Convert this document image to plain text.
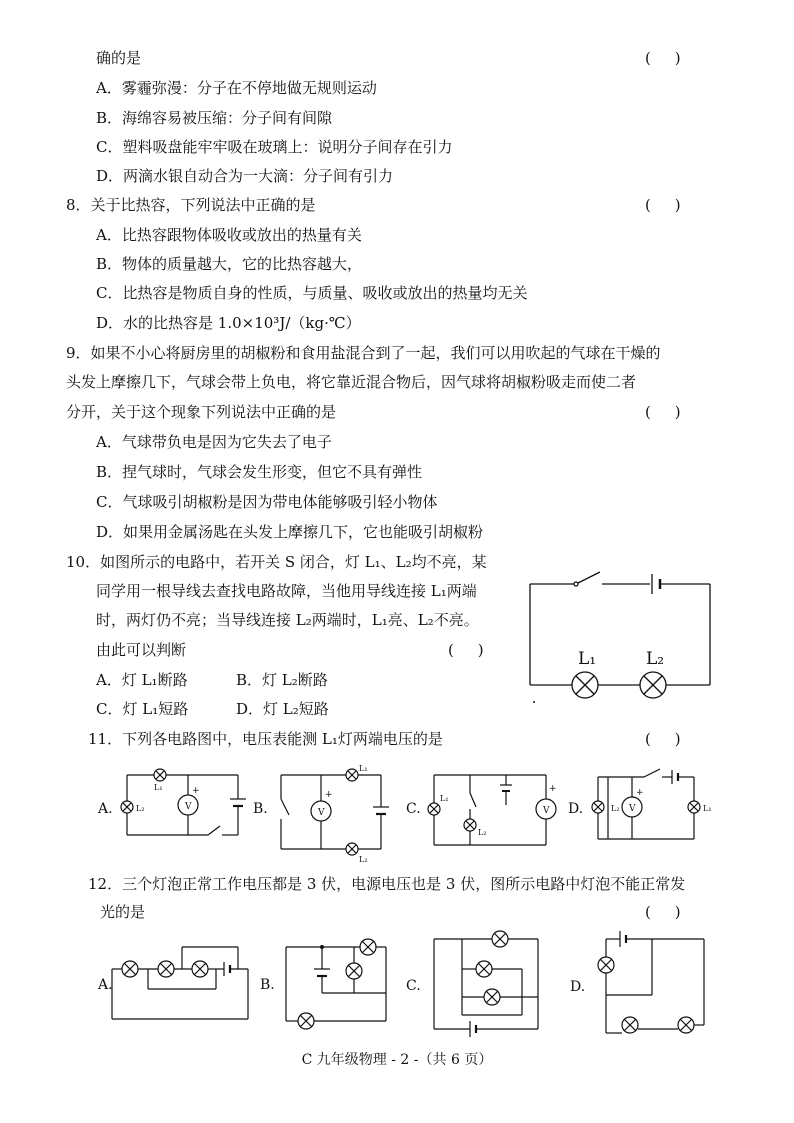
确的是	(     )
A．雾霾弥漫：分子在不停地做无规则运动
B．海绵容易被压缩：分子间有间隙
C．塑料吸盘能牢牢吸在玻璃上：说明分子间存在引力
D．两滴水银自动合为一大滴：分子间有引力
8．关于比热容，下列说法中正确的是	(     )
A．比热容跟物体吸收或放出的热量有关
B．物体的质量越大，它的比热容越大，
C．比热容是物质自身的性质，与质量、吸收或放出的热量均无关
D．水的比热容是 1.0×10³J/（kg·℃）
9．如果不小心将厨房里的胡椒粉和食用盐混合到了一起，我们可以用吹起的气球在干燥的
头发上摩擦几下，气球会带上负电，将它靠近混合物后，因气球将胡椒粉吸走而使二者
分开，关于这个现象下列说法中正确的是	(     )
A．气球带负电是因为它失去了电子
B．捏气球时，气球会发生形变，但它不具有弹性
C．气球吸引胡椒粉是因为带电体能够吸引轻小物体
D．如果用金属汤匙在头发上摩擦几下，它也能吸引胡椒粉
10．如图所示的电路中，若开关 S 闭合，灯 L₁、L₂均不亮，某
同学用一根导线去查找电路故障，当他用导线连接 L₁两端
时，两灯仍不亮；当导线连接 L₂两端时，L₁亮、L₂不亮。
由此可以判断	(     )
A．灯 L₁断路	B．灯 L₂断路
C．灯 L₁短路	D．灯 L₂短路
L₁	L₂
11．下列各电路图中，电压表能测 L₁灯两端电压的是	(     )
A.	V
+
L₁
L₂	B.	V
+
L₁
L₂
C.	V
+
L₁
L₂
D.	V
+
L₂	L₁
12．三个灯泡正常工作电压都是 3 伏，电源电压也是 3 伏，图所示电路中灯泡不能正常发
光的是	(     )
A.	B.	C.	D.
C 九年级物理 - 2 -（共 6 页）
